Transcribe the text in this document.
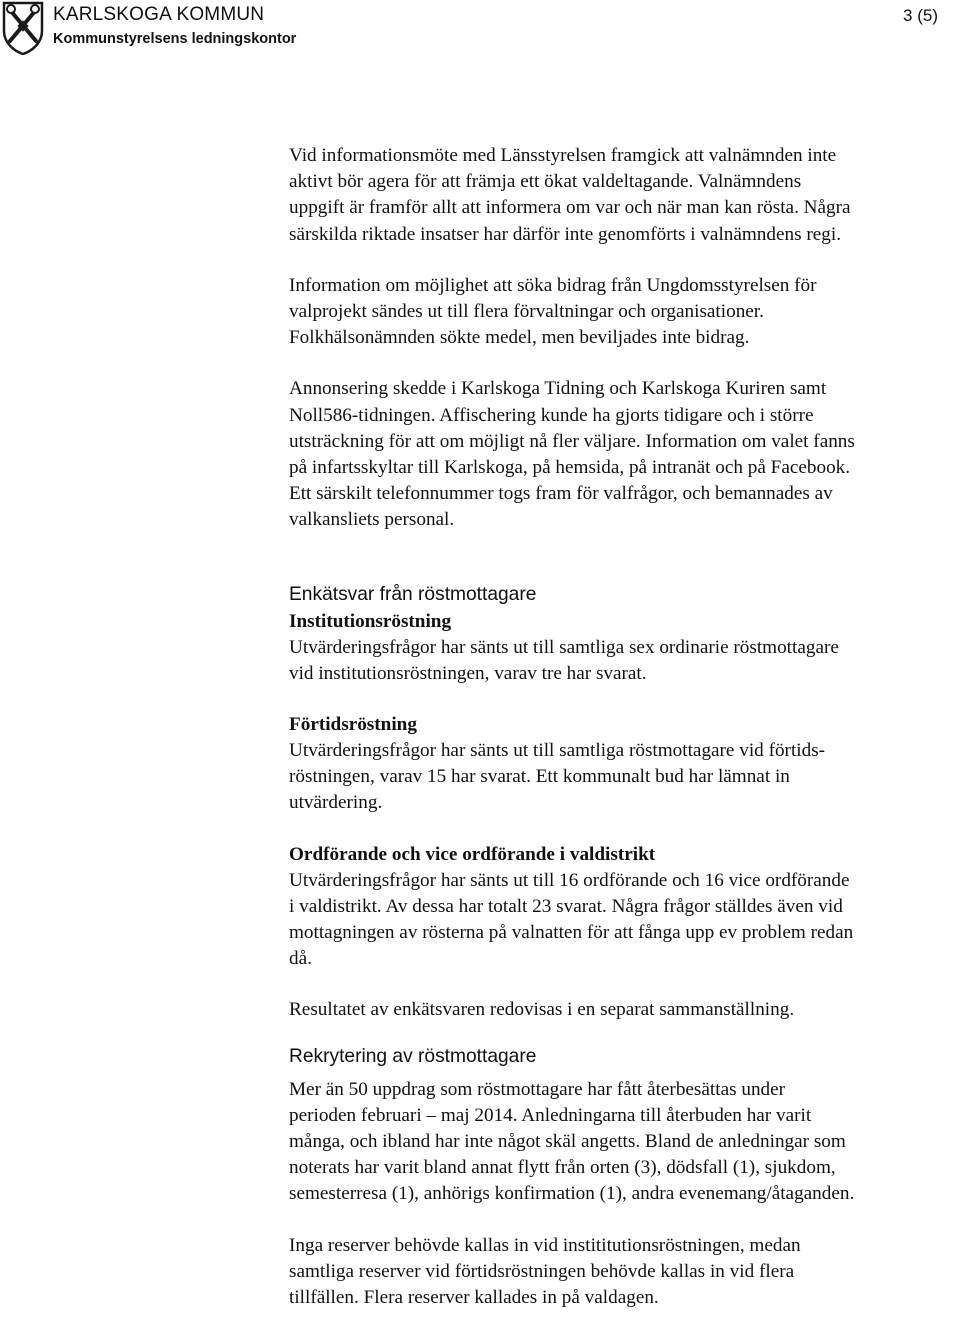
KARLSKOGA KOMMUN
Kommunstyrelsens ledningskontor
3 (5)
Vid informationsmöte med Länsstyrelsen framgick att valnämnden inte
aktivt bör agera för att främja ett ökat valdeltagande. Valnämndens
uppgift är framför allt att informera om var och när man kan rösta. Några
särskilda riktade insatser har därför inte genomförts i valnämndens regi.
Information om möjlighet att söka bidrag från Ungdomsstyrelsen för
valprojekt sändes ut till flera förvaltningar och organisationer.
Folkhälsonämnden sökte medel, men beviljades inte bidrag.
Annonsering skedde i Karlskoga Tidning och Karlskoga Kuriren samt
Noll586-tidningen. Affischering kunde ha gjorts tidigare och i större
utsträckning för att om möjligt nå fler väljare. Information om valet fanns
på infartsskyltar till Karlskoga, på hemsida, på intranät och på Facebook.
Ett särskilt telefonnummer togs fram för valfrågor, och bemannades av
valkansliets personal.
Enkätsvar från röstmottagare
Institutionsröstning
Utvärderingsfrågor har sänts ut till samtliga sex ordinarie röstmottagare
vid institutionsröstningen, varav tre har svarat.
Förtidsröstning
Utvärderingsfrågor har sänts ut till samtliga röstmottagare vid förtids-
röstningen, varav 15 har svarat. Ett kommunalt bud har lämnat in
utvärdering.
Ordförande och vice ordförande i valdistrikt
Utvärderingsfrågor har sänts ut till 16 ordförande och 16 vice ordförande
i valdistrikt. Av dessa har totalt 23 svarat. Några frågor ställdes även vid
mottagningen av rösterna på valnatten för att fånga upp ev problem redan
då.
Resultatet av enkätsvaren redovisas i en separat sammanställning.
Rekrytering av röstmottagare
Mer än 50 uppdrag som röstmottagare har fått återbesättas under
perioden februari – maj 2014. Anledningarna till återbuden har varit
många, och ibland har inte något skäl angetts. Bland de anledningar som
noterats har varit bland annat flytt från orten (3), dödsfall (1), sjukdom,
semesterresa (1), anhörigs konfirmation (1), andra evenemang/åtaganden.
Inga reserver behövde kallas in vid instititutionsröstningen, medan
samtliga reserver vid förtidsröstningen behövde kallas in vid flera
tillfällen. Flera reserver kallades in på valdagen.
